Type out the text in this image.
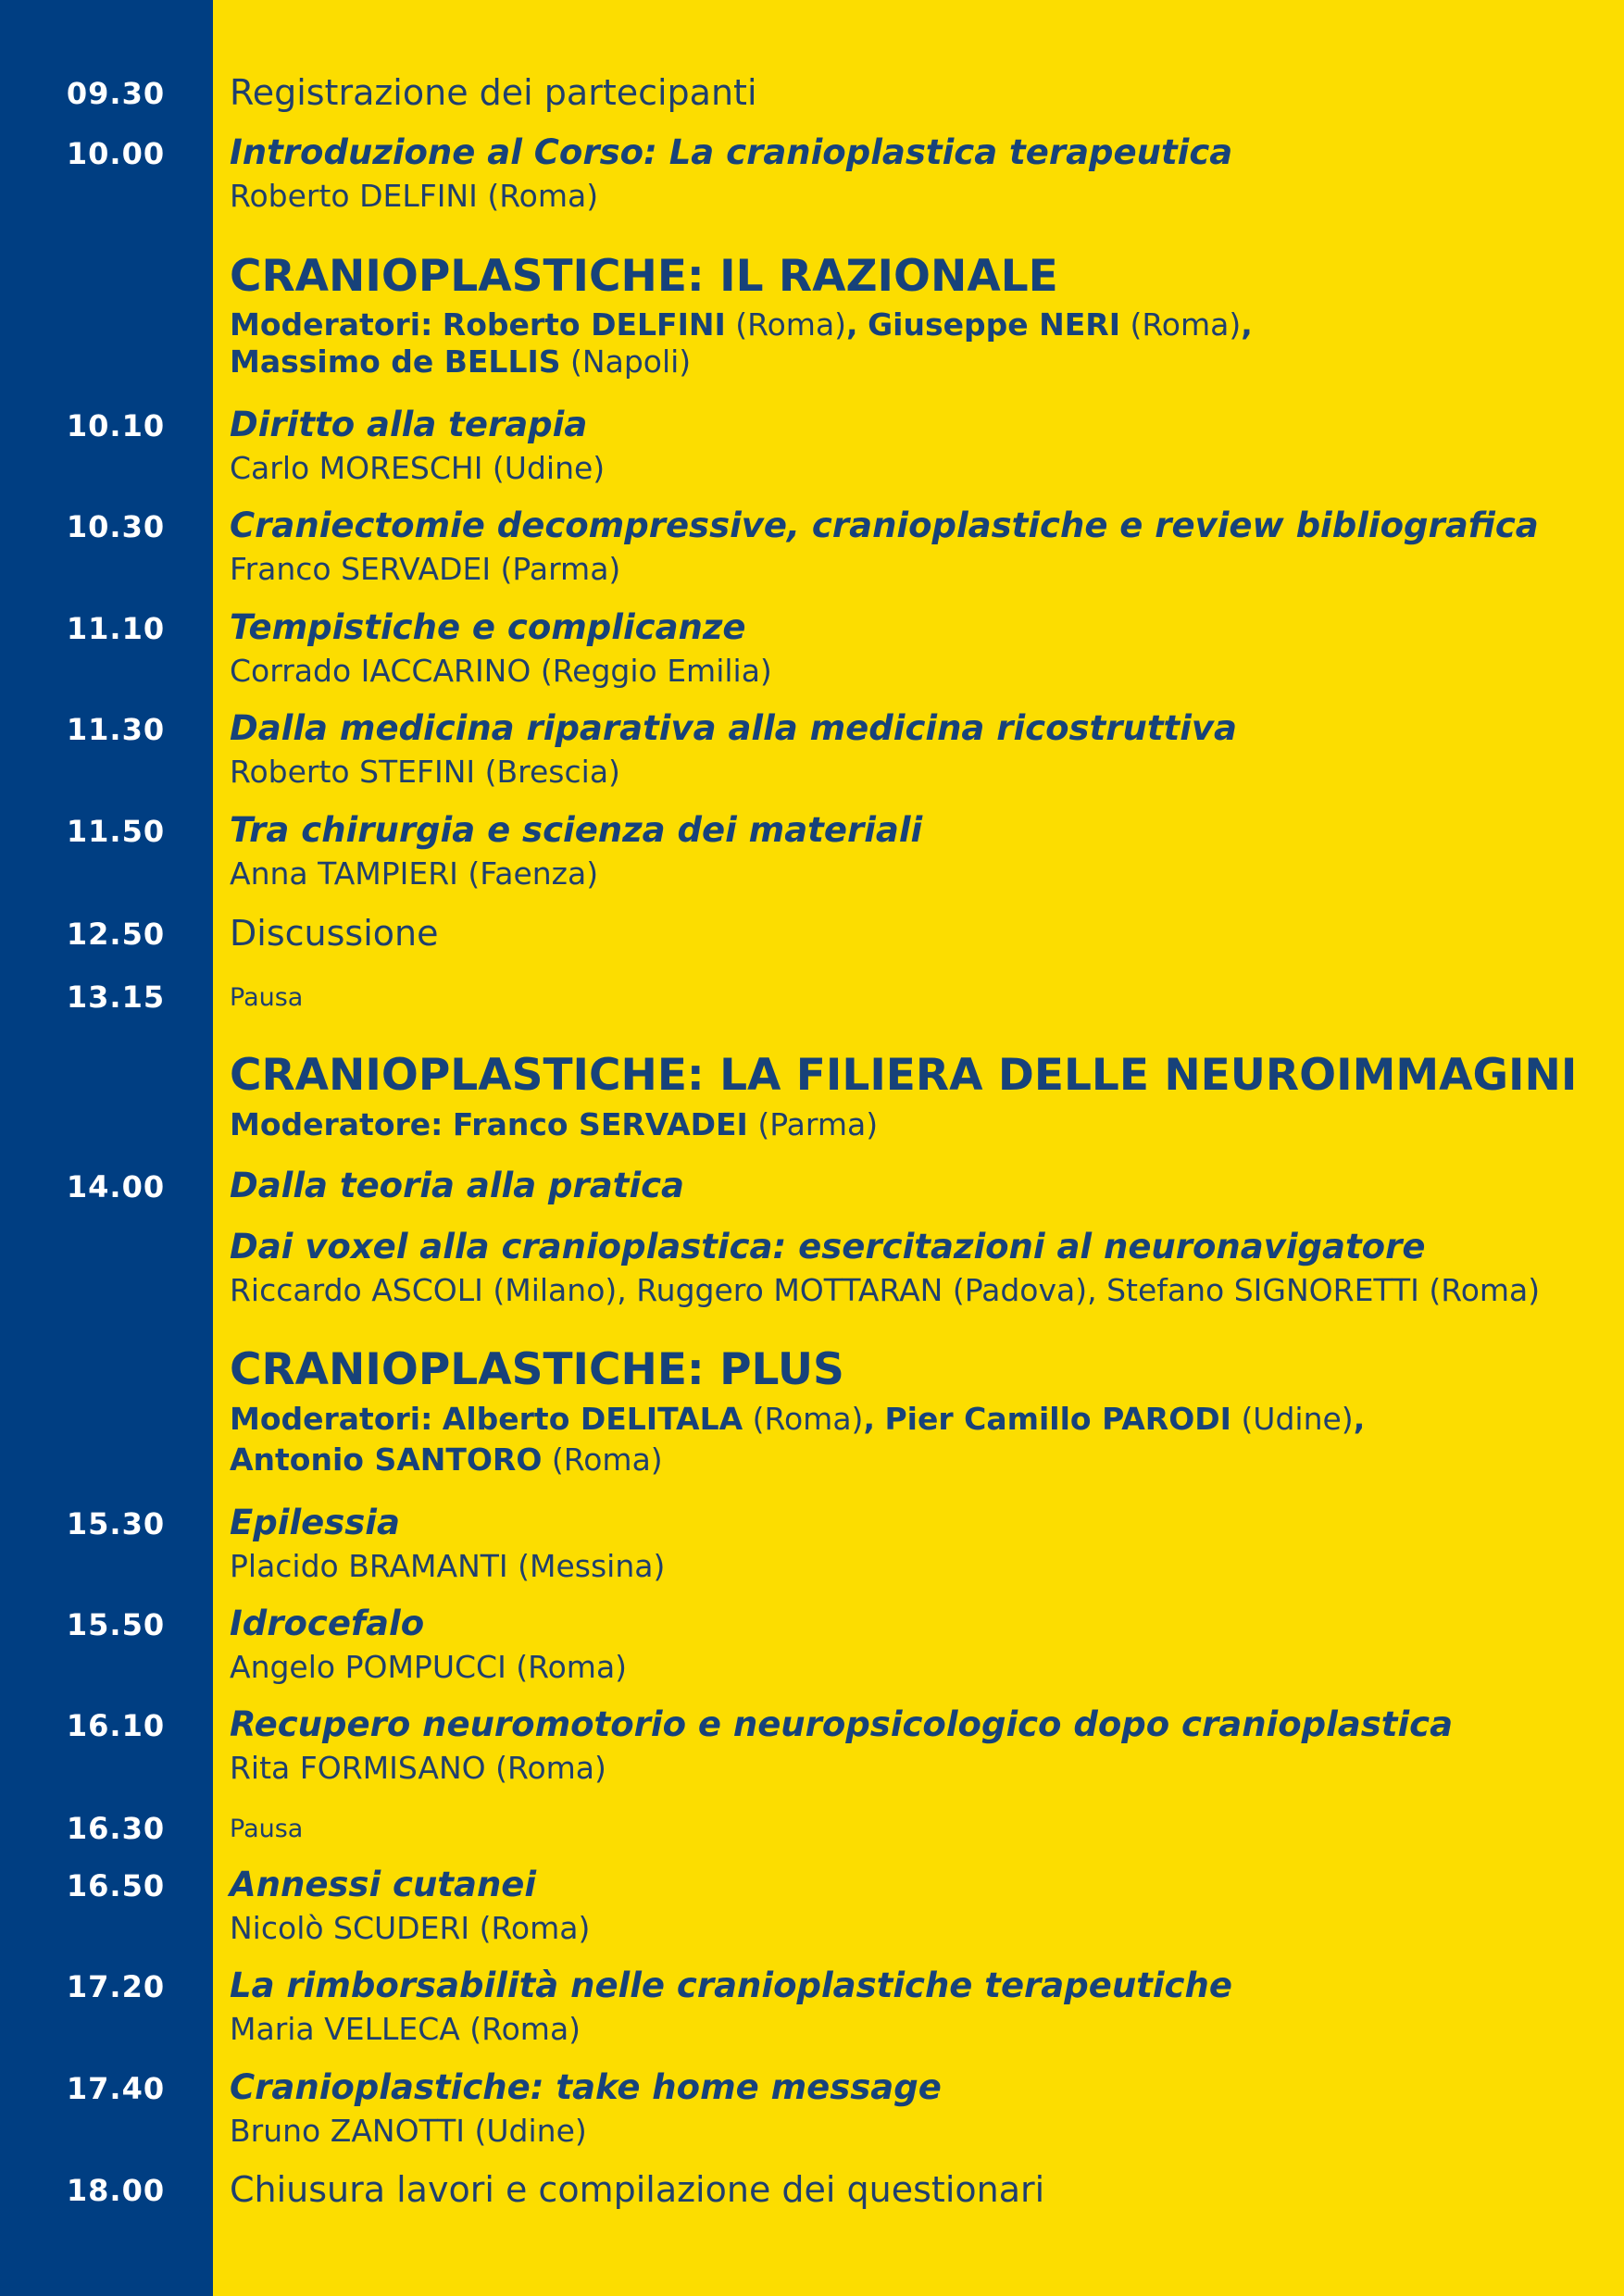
09.30	Registrazione dei partecipanti
10.00	Introduzione al Corso: La cranioplastica terapeutica
Roberto DELFINI (Roma)
CRANIOPLASTICHE: IL RAZIONALE
Moderatori: Roberto DELFINI (Roma), Giuseppe NERI (Roma),
Massimo de BELLIS (Napoli)
10.10	Diritto alla terapia
Carlo MORESCHI (Udine)
10.30	Craniectomie decompressive, cranioplastiche e review bibliografica
Franco SERVADEI (Parma)
11.10	Tempistiche e complicanze
Corrado IACCARINO (Reggio Emilia)
11.30	Dalla medicina riparativa alla medicina ricostruttiva
Roberto STEFINI (Brescia)
11.50	Tra chirurgia e scienza dei materiali
Anna TAMPIERI (Faenza)
12.50	Discussione
13.15	Pausa
CRANIOPLASTICHE: LA FILIERA DELLE NEUROIMMAGINI
Moderatore: Franco SERVADEI (Parma)
14.00	Dalla teoria alla pratica
Dai voxel alla cranioplastica: esercitazioni al neuronavigatore
Riccardo ASCOLI (Milano), Ruggero MOTTARAN (Padova), Stefano SIGNORETTI (Roma)
CRANIOPLASTICHE: PLUS
Moderatori: Alberto DELITALA (Roma), Pier Camillo PARODI (Udine),
Antonio SANTORO (Roma)
15.30	Epilessia
Placido BRAMANTI (Messina)
15.50	Idrocefalo
Angelo POMPUCCI (Roma)
16.10	Recupero neuromotorio e neuropsicologico dopo cranioplastica
Rita FORMISANO (Roma)
16.30	Pausa
16.50	Annessi cutanei
Nicolò SCUDERI (Roma)
17.20	La rimborsabilità nelle cranioplastiche terapeutiche
Maria VELLECA (Roma)
17.40	Cranioplastiche: take home message
Bruno ZANOTTI (Udine)
18.00	Chiusura lavori e compilazione dei questionari
